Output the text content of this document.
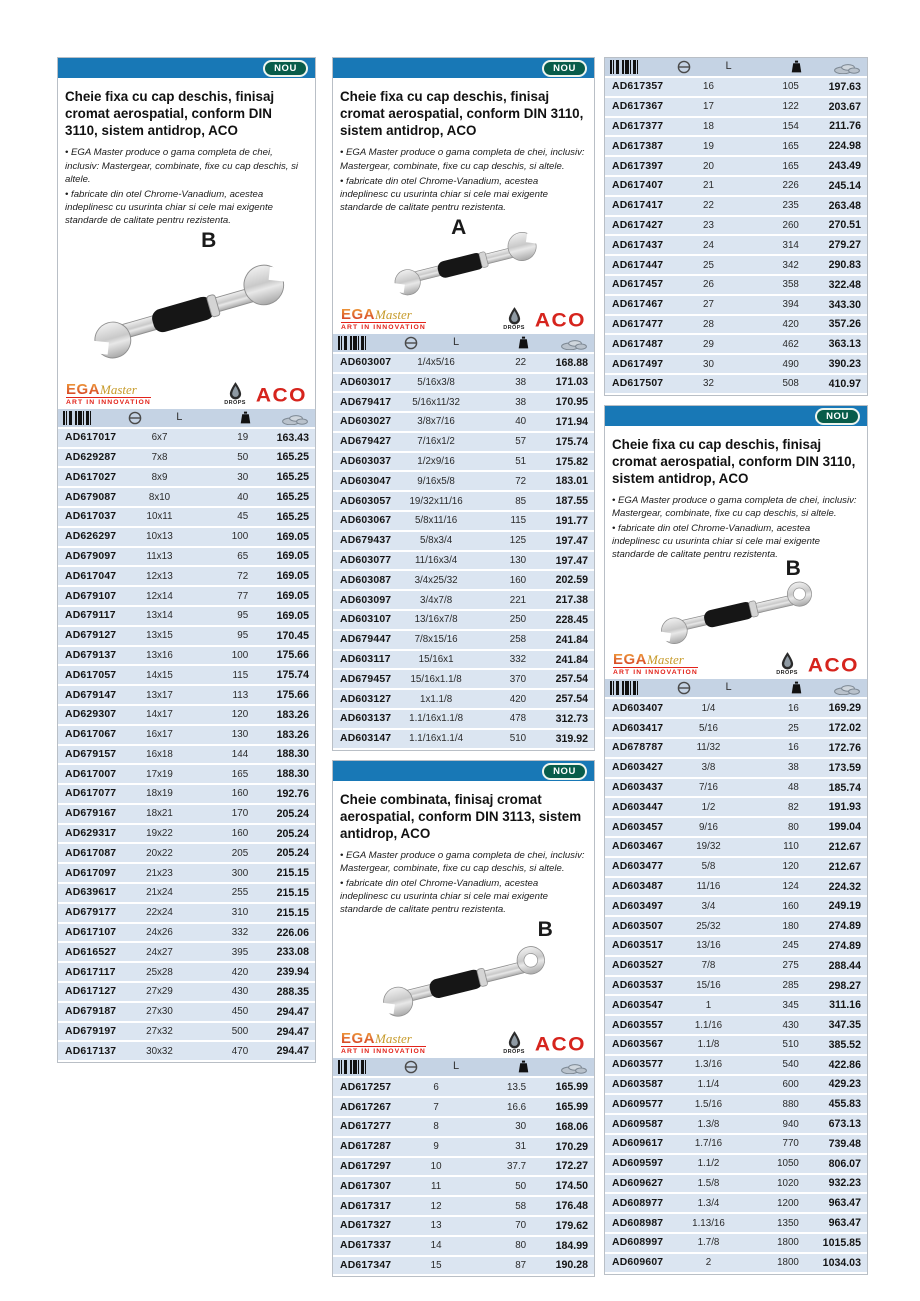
NOU
Cheie fixa cu cap deschis, finisaj cromat aerospatial, conform DIN 3110, sistem antidrop, ACO

• EGA Master produce o gama completa de chei, inclusiv: Mastergear, combinate, fixe cu cap deschis, si altele.

• fabricate din otel Chrome-Vanadium, acestea indeplinesc cu usurinta chiar si cele mai exigente standarde de calitate pentru rezistenta.

B
EGAMaster
ART IN INNOVATION	DROPS ACO
L
AD617017	6x7	19	163.43
AD629287	7x8	50	165.25
AD617027	8x9	30	165.25
AD679087	8x10	40	165.25
AD617037	10x11	45	165.25
AD626297	10x13	100	169.05
AD679097	11x13	65	169.05
AD617047	12x13	72	169.05
AD679107	12x14	77	169.05
AD679117	13x14	95	169.05
AD679127	13x15	95	170.45
AD679137	13x16	100	175.66
AD617057	14x15	115	175.74
AD679147	13x17	113	175.66
AD629307	14x17	120	183.26
AD617067	16x17	130	183.26
AD679157	16x18	144	188.30
AD617007	17x19	165	188.30
AD617077	18x19	160	192.76
AD679167	18x21	170	205.24
AD629317	19x22	160	205.24
AD617087	20x22	205	205.24
AD617097	21x23	300	215.15
AD639617	21x24	255	215.15
AD679177	22x24	310	215.15
AD617107	24x26	332	226.06
AD616527	24x27	395	233.08
AD617117	25x28	420	239.94
AD617127	27x29	430	288.35
AD679187	27x30	450	294.47
AD679197	27x32	500	294.47
AD617137	30x32	470	294.47
NOU
Cheie fixa cu cap deschis, finisaj cromat aerospatial, conform DIN 3110, sistem antidrop, ACO

• EGA Master produce o gama completa de chei, inclusiv: Mastergear, combinate, fixe cu cap deschis, si altele.

• fabricate din otel Chrome-Vanadium, acestea indeplinesc cu usurinta chiar si cele mai exigente standarde de calitate pentru rezistenta.

A
EGAMaster
ART IN INNOVATION	DROPS ACO
L
AD603007	1/4x5/16	22	168.88
AD603017	5/16x3/8	38	171.03
AD679417	5/16x11/32	38	170.95
AD603027	3/8x7/16	40	171.94
AD679427	7/16x1/2	57	175.74
AD603037	1/2x9/16	51	175.82
AD603047	9/16x5/8	72	183.01
AD603057	19/32x11/16	85	187.55
AD603067	5/8x11/16	115	191.77
AD679437	5/8x3/4	125	197.47
AD603077	11/16x3/4	130	197.47
AD603087	3/4x25/32	160	202.59
AD603097	3/4x7/8	221	217.38
AD603107	13/16x7/8	250	228.45
AD679447	7/8x15/16	258	241.84
AD603117	15/16x1	332	241.84
AD679457	15/16x1.1/8	370	257.54
AD603127	1x1.1/8	420	257.54
AD603137	1.1/16x1.1/8	478	312.73
AD603147	1.1/16x1.1/4	510	319.92
NOU
Cheie combinata, finisaj cromat aerospatial, conform DIN 3113, sistem antidrop, ACO

• EGA Master produce o gama completa de chei, inclusiv: Mastergear, combinate, fixe cu cap deschis, si altele.

• fabricate din otel Chrome-Vanadium, acestea indeplinesc cu usurinta chiar si cele mai exigente standarde de calitate pentru rezistenta.

B
EGAMaster
ART IN INNOVATION	DROPS ACO
L
AD617257	6	13.5	165.99
AD617267	7	16.6	165.99
AD617277	8	30	168.06
AD617287	9	31	170.29
AD617297	10	37.7	172.27
AD617307	11	50	174.50
AD617317	12	58	176.48
AD617327	13	70	179.62
AD617337	14	80	184.99
AD617347	15	87	190.28
L
AD617357	16	105	197.63
AD617367	17	122	203.67
AD617377	18	154	211.76
AD617387	19	165	224.98
AD617397	20	165	243.49
AD617407	21	226	245.14
AD617417	22	235	263.48
AD617427	23	260	270.51
AD617437	24	314	279.27
AD617447	25	342	290.83
AD617457	26	358	322.48
AD617467	27	394	343.30
AD617477	28	420	357.26
AD617487	29	462	363.13
AD617497	30	490	390.23
AD617507	32	508	410.97
NOU
Cheie fixa cu cap deschis, finisaj cromat aerospatial, conform DIN 3110, sistem antidrop, ACO

• EGA Master produce o gama completa de chei, inclusiv: Mastergear, combinate, fixe cu cap deschis, si altele.

• fabricate din otel Chrome-Vanadium, acestea indeplinesc cu usurinta chiar si cele mai exigente standarde de calitate pentru rezistenta.

B
EGAMaster
ART IN INNOVATION	DROPS ACO
L
AD603407	1/4	16	169.29
AD603417	5/16	25	172.02
AD678787	11/32	16	172.76
AD603427	3/8	38	173.59
AD603437	7/16	48	185.74
AD603447	1/2	82	191.93
AD603457	9/16	80	199.04
AD603467	19/32	110	212.67
AD603477	5/8	120	212.67
AD603487	11/16	124	224.32
AD603497	3/4	160	249.19
AD603507	25/32	180	274.89
AD603517	13/16	245	274.89
AD603527	7/8	275	288.44
AD603537	15/16	285	298.27
AD603547	1	345	311.16
AD603557	1.1/16	430	347.35
AD603567	1.1/8	510	385.52
AD603577	1.3/16	540	422.86
AD603587	1.1/4	600	429.23
AD609577	1.5/16	880	455.83
AD609587	1.3/8	940	673.13
AD609617	1.7/16	770	739.48
AD609597	1.1/2	1050	806.07
AD609627	1.5/8	1020	932.23
AD608977	1.3/4	1200	963.47
AD608987	1.13/16	1350	963.47
AD608997	1.7/8	1800	1015.85
AD609607	2	1800	1034.03
